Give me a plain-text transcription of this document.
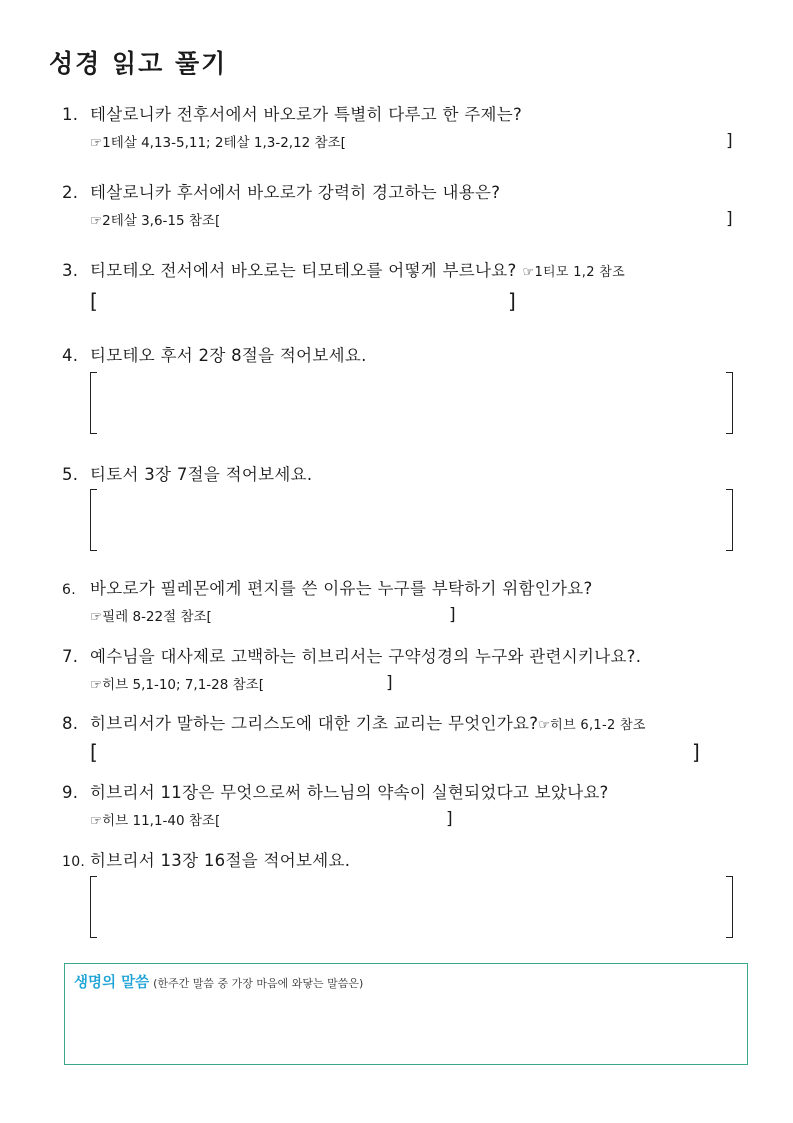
성경 읽고 풀기
1. 테살로니카 전후서에서 바오로가 특별히 다루고 한 주제는?
☞1테살 4,13-5,11; 2테살 1,3-2,12 참조[	]
2. 테살로니카 후서에서 바오로가 강력히 경고하는 내용은?
☞2테살 3,6-15 참조[	]
3. 티모테오 전서에서 바오로는 티모테오를 어떻게 부르나요? ☞1티모 1,2 참조
[	]
4. 티모테오 후서 2장 8절을 적어보세요.
5. 티토서 3장 7절을 적어보세요.
6. 바오로가 필레몬에게 편지를 쓴 이유는 누구를 부탁하기 위함인가요?
☞필레 8-22절 참조[	]
7. 예수님을 대사제로 고백하는 히브리서는 구약성경의 누구와 관련시키나요?.
☞히브 5,1-10; 7,1-28 참조[	]
8. 히브리서가 말하는 그리스도에 대한 기초 교리는 무엇인가요?☞히브 6,1-2 참조
[	]
9. 히브리서 11장은 무엇으로써 하느님의 약속이 실현되었다고 보았나요?
☞히브 11,1-40 참조[	]
10. 히브리서 13장 16절을 적어보세요.
생명의 말씀 (한주간 말씀 중 가장 마음에 와닿는 말씀은)
